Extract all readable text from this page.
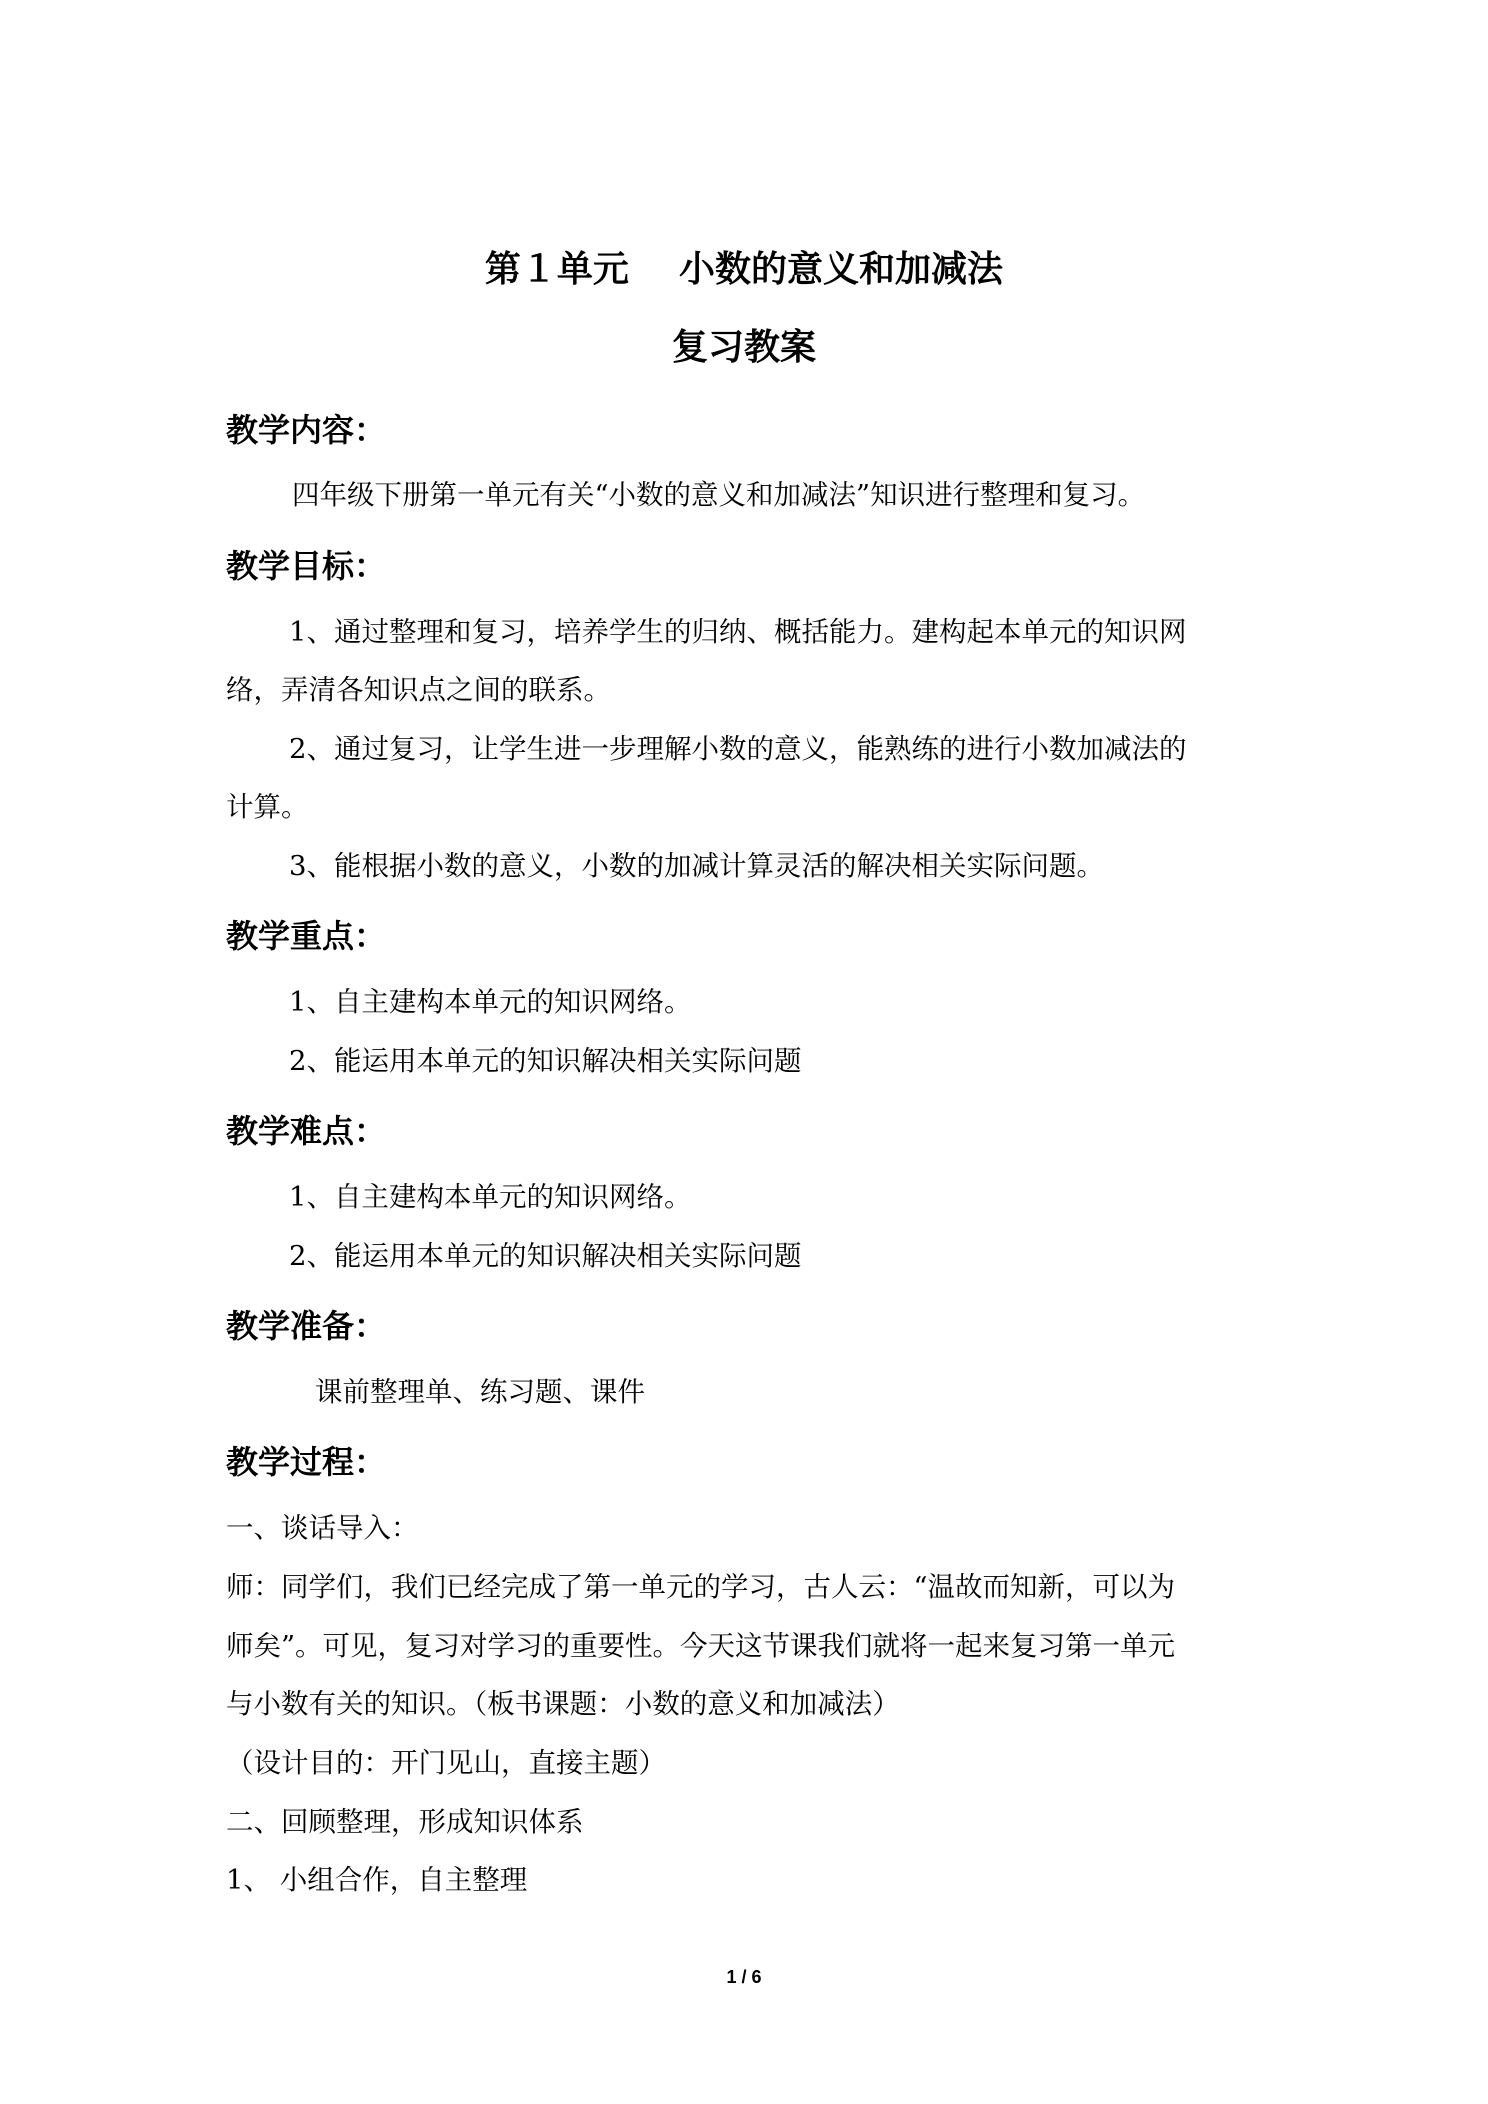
第１单元    小数的意义和加减法
复习教案
教学内容：
四年级下册第一单元有关“小数的意义和加减法”知识进行整理和复习。
教学目标：
1、通过整理和复习，培养学生的归纳、概括能力。建构起本单元的知识网
络，弄清各知识点之间的联系。
2、通过复习，让学生进一步理解小数的意义，能熟练的进行小数加减法的
计算。
3、能根据小数的意义，小数的加减计算灵活的解决相关实际问题。
教学重点：
1、自主建构本单元的知识网络。
2、能运用本单元的知识解决相关实际问题
教学难点：
1、自主建构本单元的知识网络。
2、能运用本单元的知识解决相关实际问题
教学准备：
课前整理单、练习题、课件
教学过程：
一、谈话导入：
师：同学们，我们已经完成了第一单元的学习，古人云：“温故而知新，可以为
师矣”。可见，复习对学习的重要性。今天这节课我们就将一起来复习第一单元
与小数有关的知识。（板书课题：小数的意义和加减法）
（设计目的：开门见山，直接主题）
二、回顾整理，形成知识体系
1、 小组合作，自主整理
1 / 6
